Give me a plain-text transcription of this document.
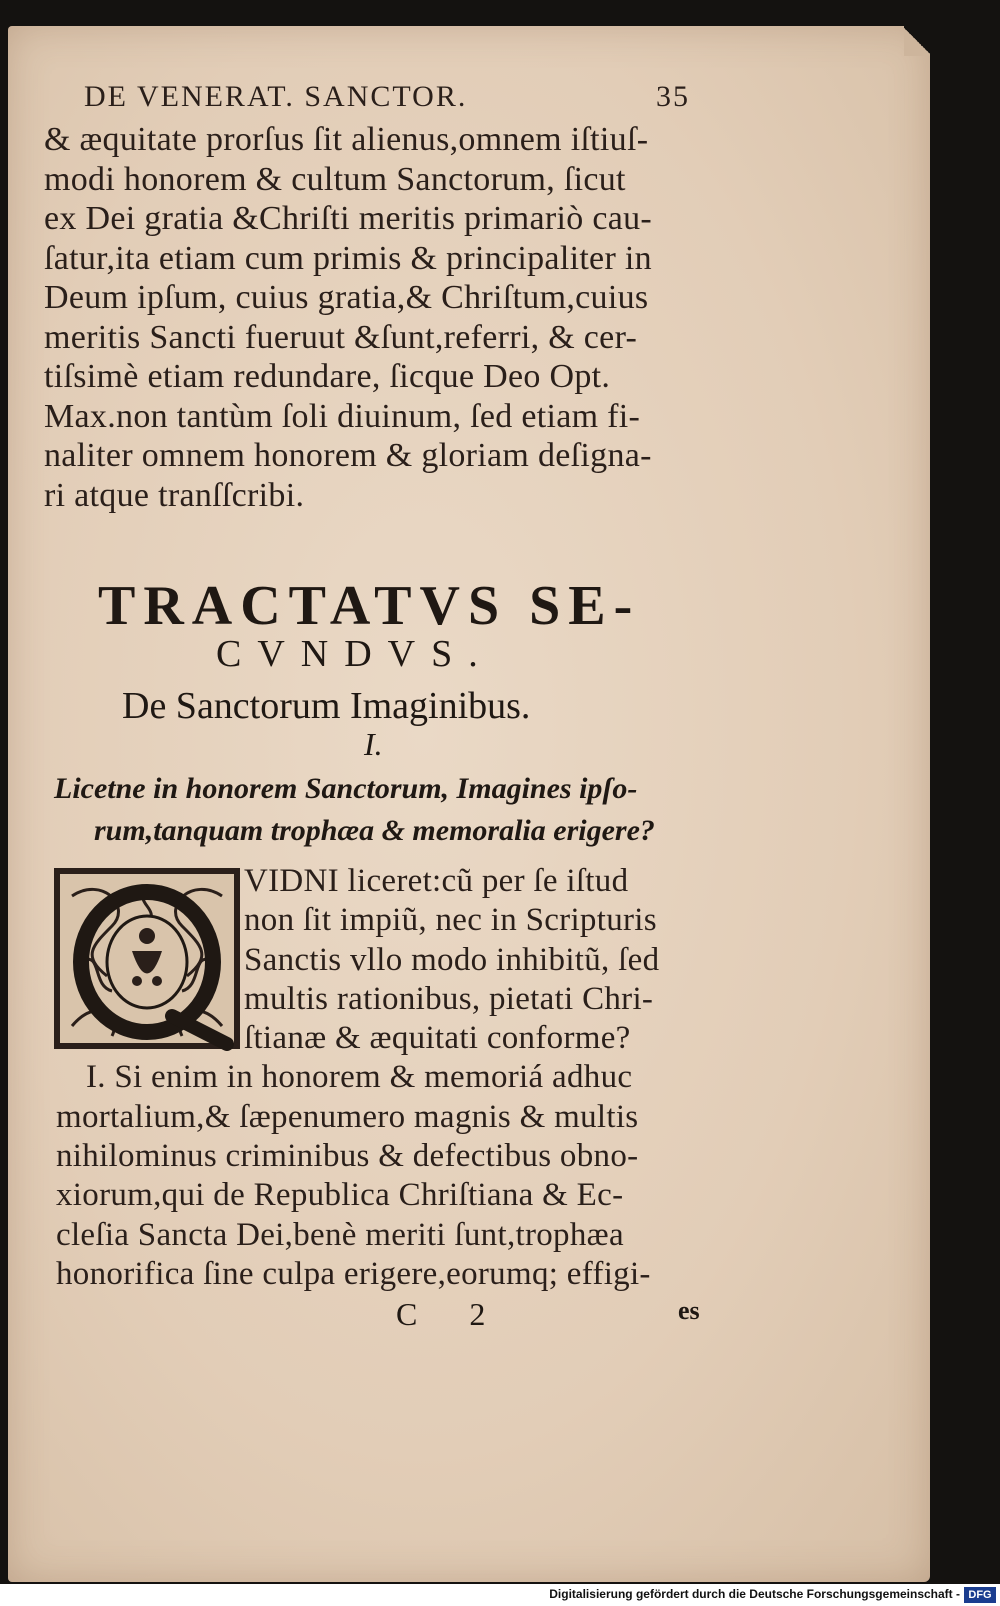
DE VENERAT. SANCTOR.	35
& æquitate prorſus ſit alienus,omnem iſtiuſ-
modi honorem & cultum Sanctorum, ſicut
ex Dei gratia &Chriſti meritis primariò cau-
ſatur,ita etiam cum primis & principaliter in
Deum ipſum, cuius gratia,& Chriſtum,cuius
meritis Sancti fueruut &ſunt,referri, & cer-
tiſsimè etiam redundare, ſicque Deo Opt.
Max.non tantùm ſoli diuinum, ſed etiam fi-
naliter omnem honorem & gloriam deſigna-
ri atque tranſſcribi.
TRACTATVS SE-
CVNDVS.
De Sanctorum Imaginibus.
I.
Licetne in honorem Sanctorum, Imagines ipſo-
rum,tanquam trophæa & memoralia erigere?
VIDNI liceret:cũ per ſe iſtud
non ſit impiũ, nec in Scripturis
Sanctis vllo modo inhibitũ, ſed
multis rationibus, pietati Chri-
ſtianæ & æquitati conforme?
I. Si enim in honorem & memoriá adhuc
mortalium,& ſæpenumero magnis & multis
nihilominus criminibus & defectibus obno-
xiorum,qui de Republica Chriſtiana & Ec-
cleſia Sancta Dei,benè meriti ſunt,trophæa
honorifica ſine culpa erigere,eorumq; effigi-
C 2	es
Digitalisierung gefördert durch die Deutsche Forschungsgemeinschaft - DFG
